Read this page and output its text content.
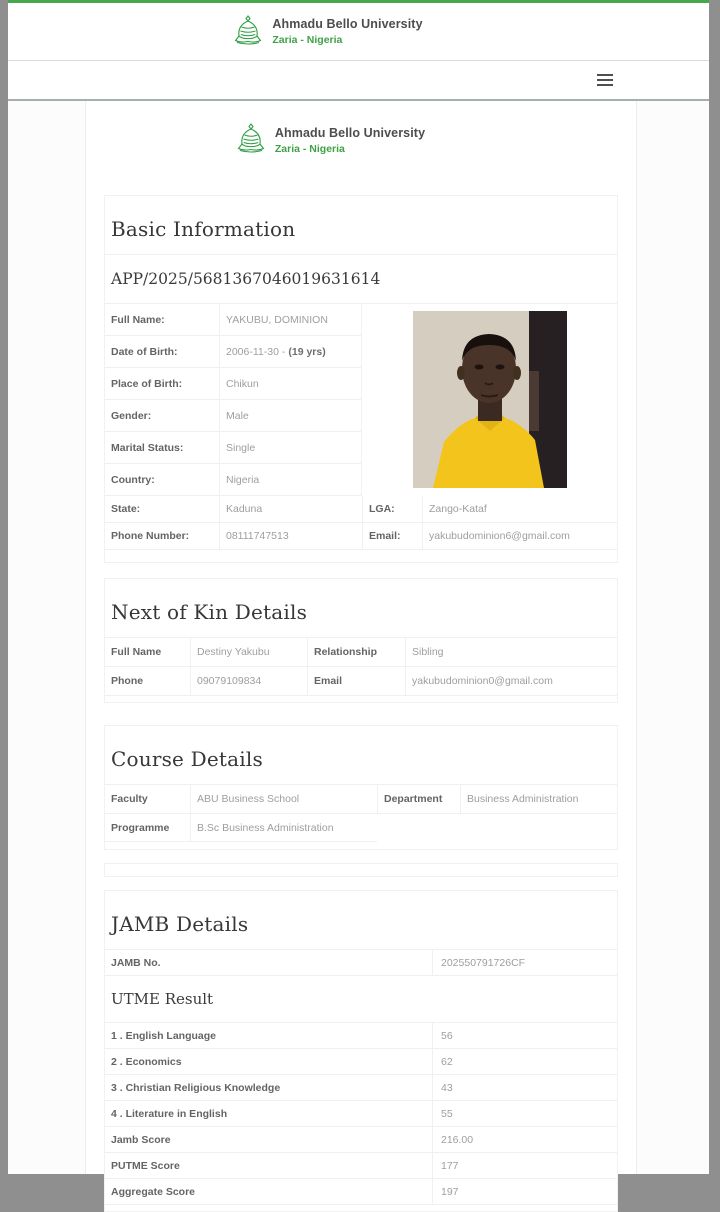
Ahmadu Bello University
Zaria - Nigeria
Ahmadu Bello University
Zaria - Nigeria
Basic Information
APP/2025/5681367046019631614
Full Name:	YAKUBU, DOMINION
Date of Birth:	2006-11-30 - (19 yrs)
Place of Birth:	Chikun
Gender:	Male
Marital Status:	Single
Country:	Nigeria
State:	Kaduna	LGA:	Zango-Kataf
Phone Number:	08111747513	Email:	yakubudominion6@gmail.com
Next of Kin Details
Full Name	Destiny Yakubu	Relationship	Sibling
Phone	09079109834	Email	yakubudominion0@gmail.com
Course Details
Faculty	ABU Business School	Department	Business Administration
Programme	B.Sc Business Administration
JAMB Details
JAMB No.	202550791726CF
UTME Result
1 . English Language	56
2 . Economics	62
3 . Christian Religious Knowledge	43
4 . Literature in English	55
Jamb Score	216.00
PUTME Score	177
Aggregate Score	197
